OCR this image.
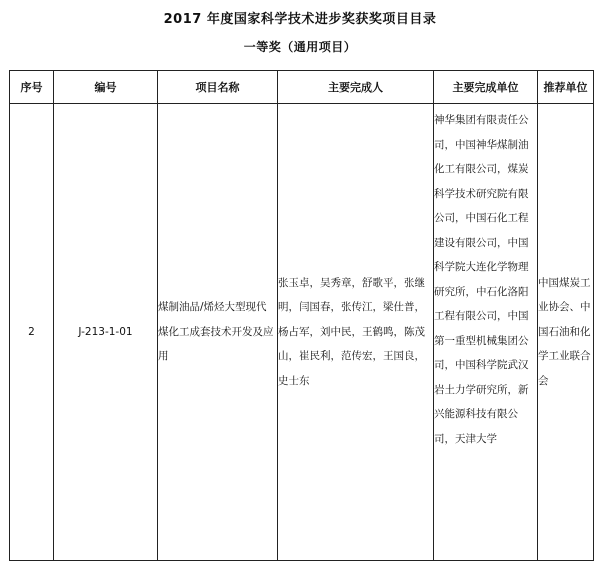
2017 年度国家科学技术进步奖获奖项目目录
一等奖（通用项目）
序号	编号	项目名称	主要完成人	主要完成单位	推荐单位
2	J-213-1-01	煤制油品/烯烃大型现代煤化工成套技术开发及应用	张玉卓，吴秀章，舒歌平，张继明，闫国春，张传江，梁仕普，杨占军，刘中民，王鹤鸣，陈茂山，崔民利，范传宏，王国良，史士东	神华集团有限责任公司，中国神华煤制油化工有限公司，煤炭科学技术研究院有限公司，中国石化工程建设有限公司，中国科学院大连化学物理研究所，中石化洛阳工程有限公司，中国第一重型机械集团公司，中国科学院武汉岩土力学研究所，新兴能源科技有限公司，天津大学	中国煤炭工业协会、中国石油和化学工业联合会
